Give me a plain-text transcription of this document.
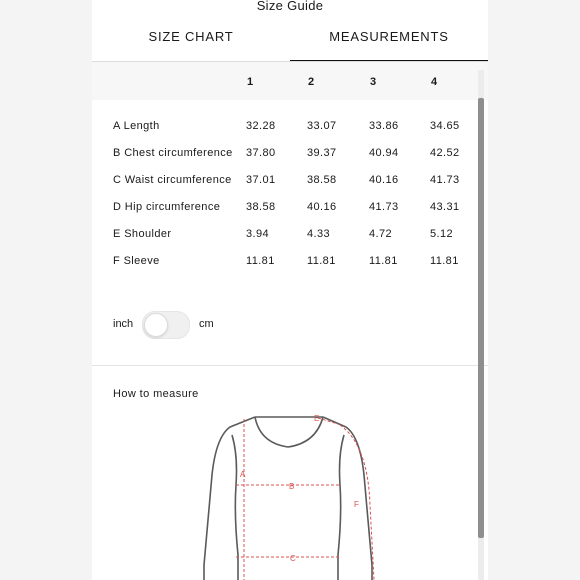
Size Guide
SIZE CHART	MEASUREMENTS
1	2	3	4
A Length	32.28	33.07	33.86	34.65
B Chest circumference 37.80	39.37	40.94	42.52
C Waist circumference 37.01	38.58	40.16	41.73
D Hip circumference 38.58	40.16	41.73	43.31
E Shoulder	3.94	4.33	4.72	5.12
F Sleeve	11.81	11.81	11.81	11.81
inch	cm
How to measure
A
B
C
E
F
